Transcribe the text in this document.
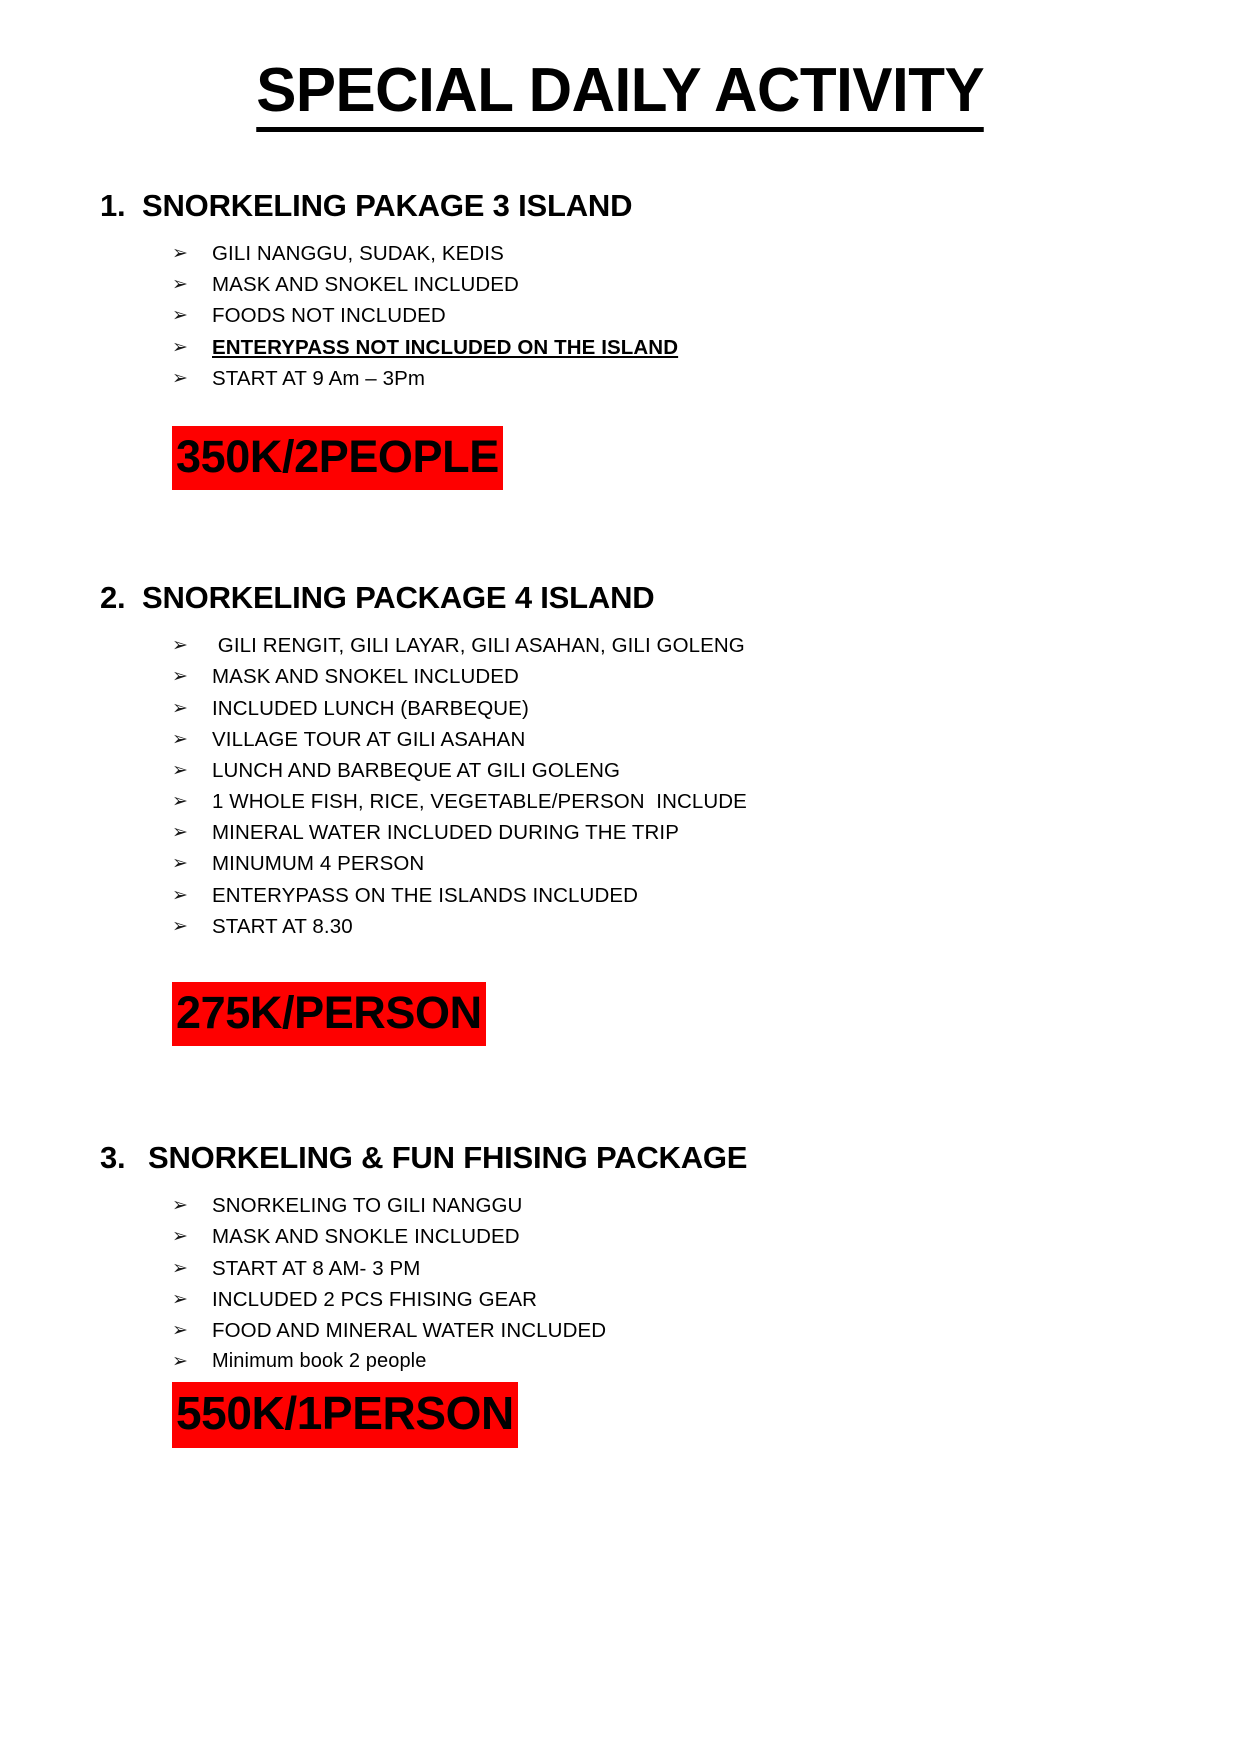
SPECIAL DAILY ACTIVITY
1. SNORKELING PAKAGE 3 ISLAND
➢	GILI NANGGU, SUDAK, KEDIS
➢	MASK AND SNOKEL INCLUDED
➢	FOODS NOT INCLUDED
➢	ENTERYPASS NOT INCLUDED ON THE ISLAND
➢	START AT 9 Am – 3Pm
350K/2PEOPLE
2. SNORKELING PACKAGE 4 ISLAND
➢	GILI RENGIT, GILI LAYAR, GILI ASAHAN, GILI GOLENG
➢	MASK AND SNOKEL INCLUDED
➢	INCLUDED LUNCH (BARBEQUE)
➢	VILLAGE TOUR AT GILI ASAHAN
➢	LUNCH AND BARBEQUE AT GILI GOLENG
➢	1 WHOLE FISH, RICE, VEGETABLE/PERSON  INCLUDE
➢	MINERAL WATER INCLUDED DURING THE TRIP
➢	MINUMUM 4 PERSON
➢	ENTERYPASS ON THE ISLANDS INCLUDED
➢	START AT 8.30
275K/PERSON
3. SNORKELING & FUN FHISING PACKAGE
➢	SNORKELING TO GILI NANGGU
➢	MASK AND SNOKLE INCLUDED
➢	START AT 8 AM- 3 PM
➢	INCLUDED 2 PCS FHISING GEAR
➢	FOOD AND MINERAL WATER INCLUDED
➢	Minimum book 2 people
550K/1PERSON
